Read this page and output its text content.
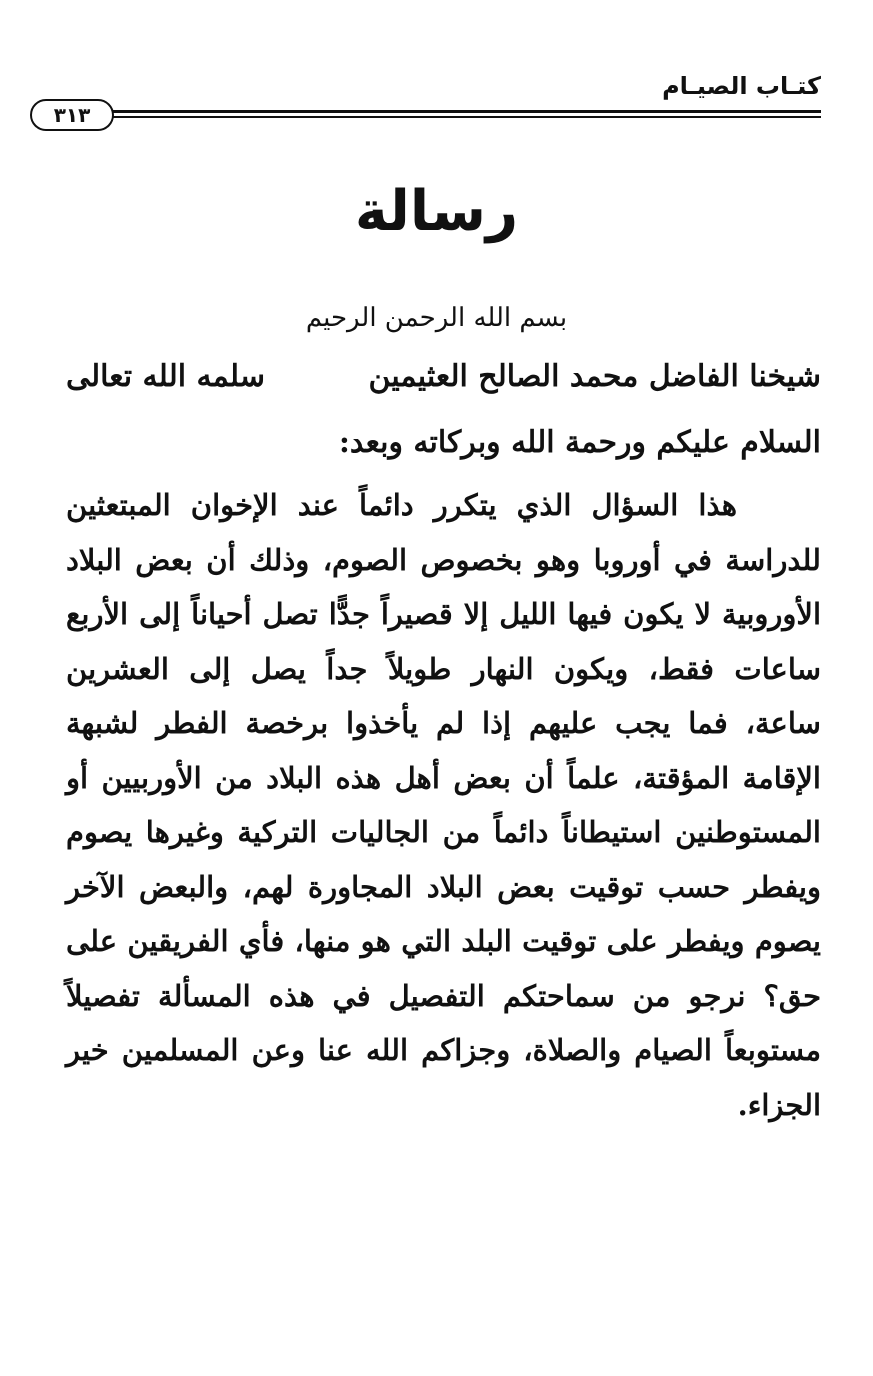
كتـاب الصيـام
٣١٣
رسالة
بسم الله الرحمن الرحيم
شيخنا الفاضل محمد الصالح العثيمين
سلمه الله تعالى
السلام عليكم ورحمة الله وبركاته وبعد:

هذا السؤال الذي يتكرر دائماً عند الإخوان المبتعثين للدراسة في أوروبا وهو بخصوص الصوم، وذلك أن بعض البلاد الأوروبية لا يكون فيها الليل إلا قصيراً جدًّا تصل أحياناً إلى الأربع ساعات فقط، ويكون النهار طويلاً جداً يصل إلى العشرين ساعة، فما يجب عليهم إذا لم يأخذوا برخصة الفطر لشبهة الإقامة المؤقتة، علماً أن بعض أهل هذه البلاد من الأوربيين أو المستوطنين استيطاناً دائماً من الجاليات التركية وغيرها يصوم ويفطر حسب توقيت بعض البلاد المجاورة لهم، والبعض الآخر يصوم ويفطر على توقيت البلد التي هو منها، فأي الفريقين على حق؟ نرجو من سماحتكم التفصيل في هذه المسألة تفصيلاً مستوبعاً الصيام والصلاة، وجزاكم الله عنا وعن المسلمين خير الجزاء.
